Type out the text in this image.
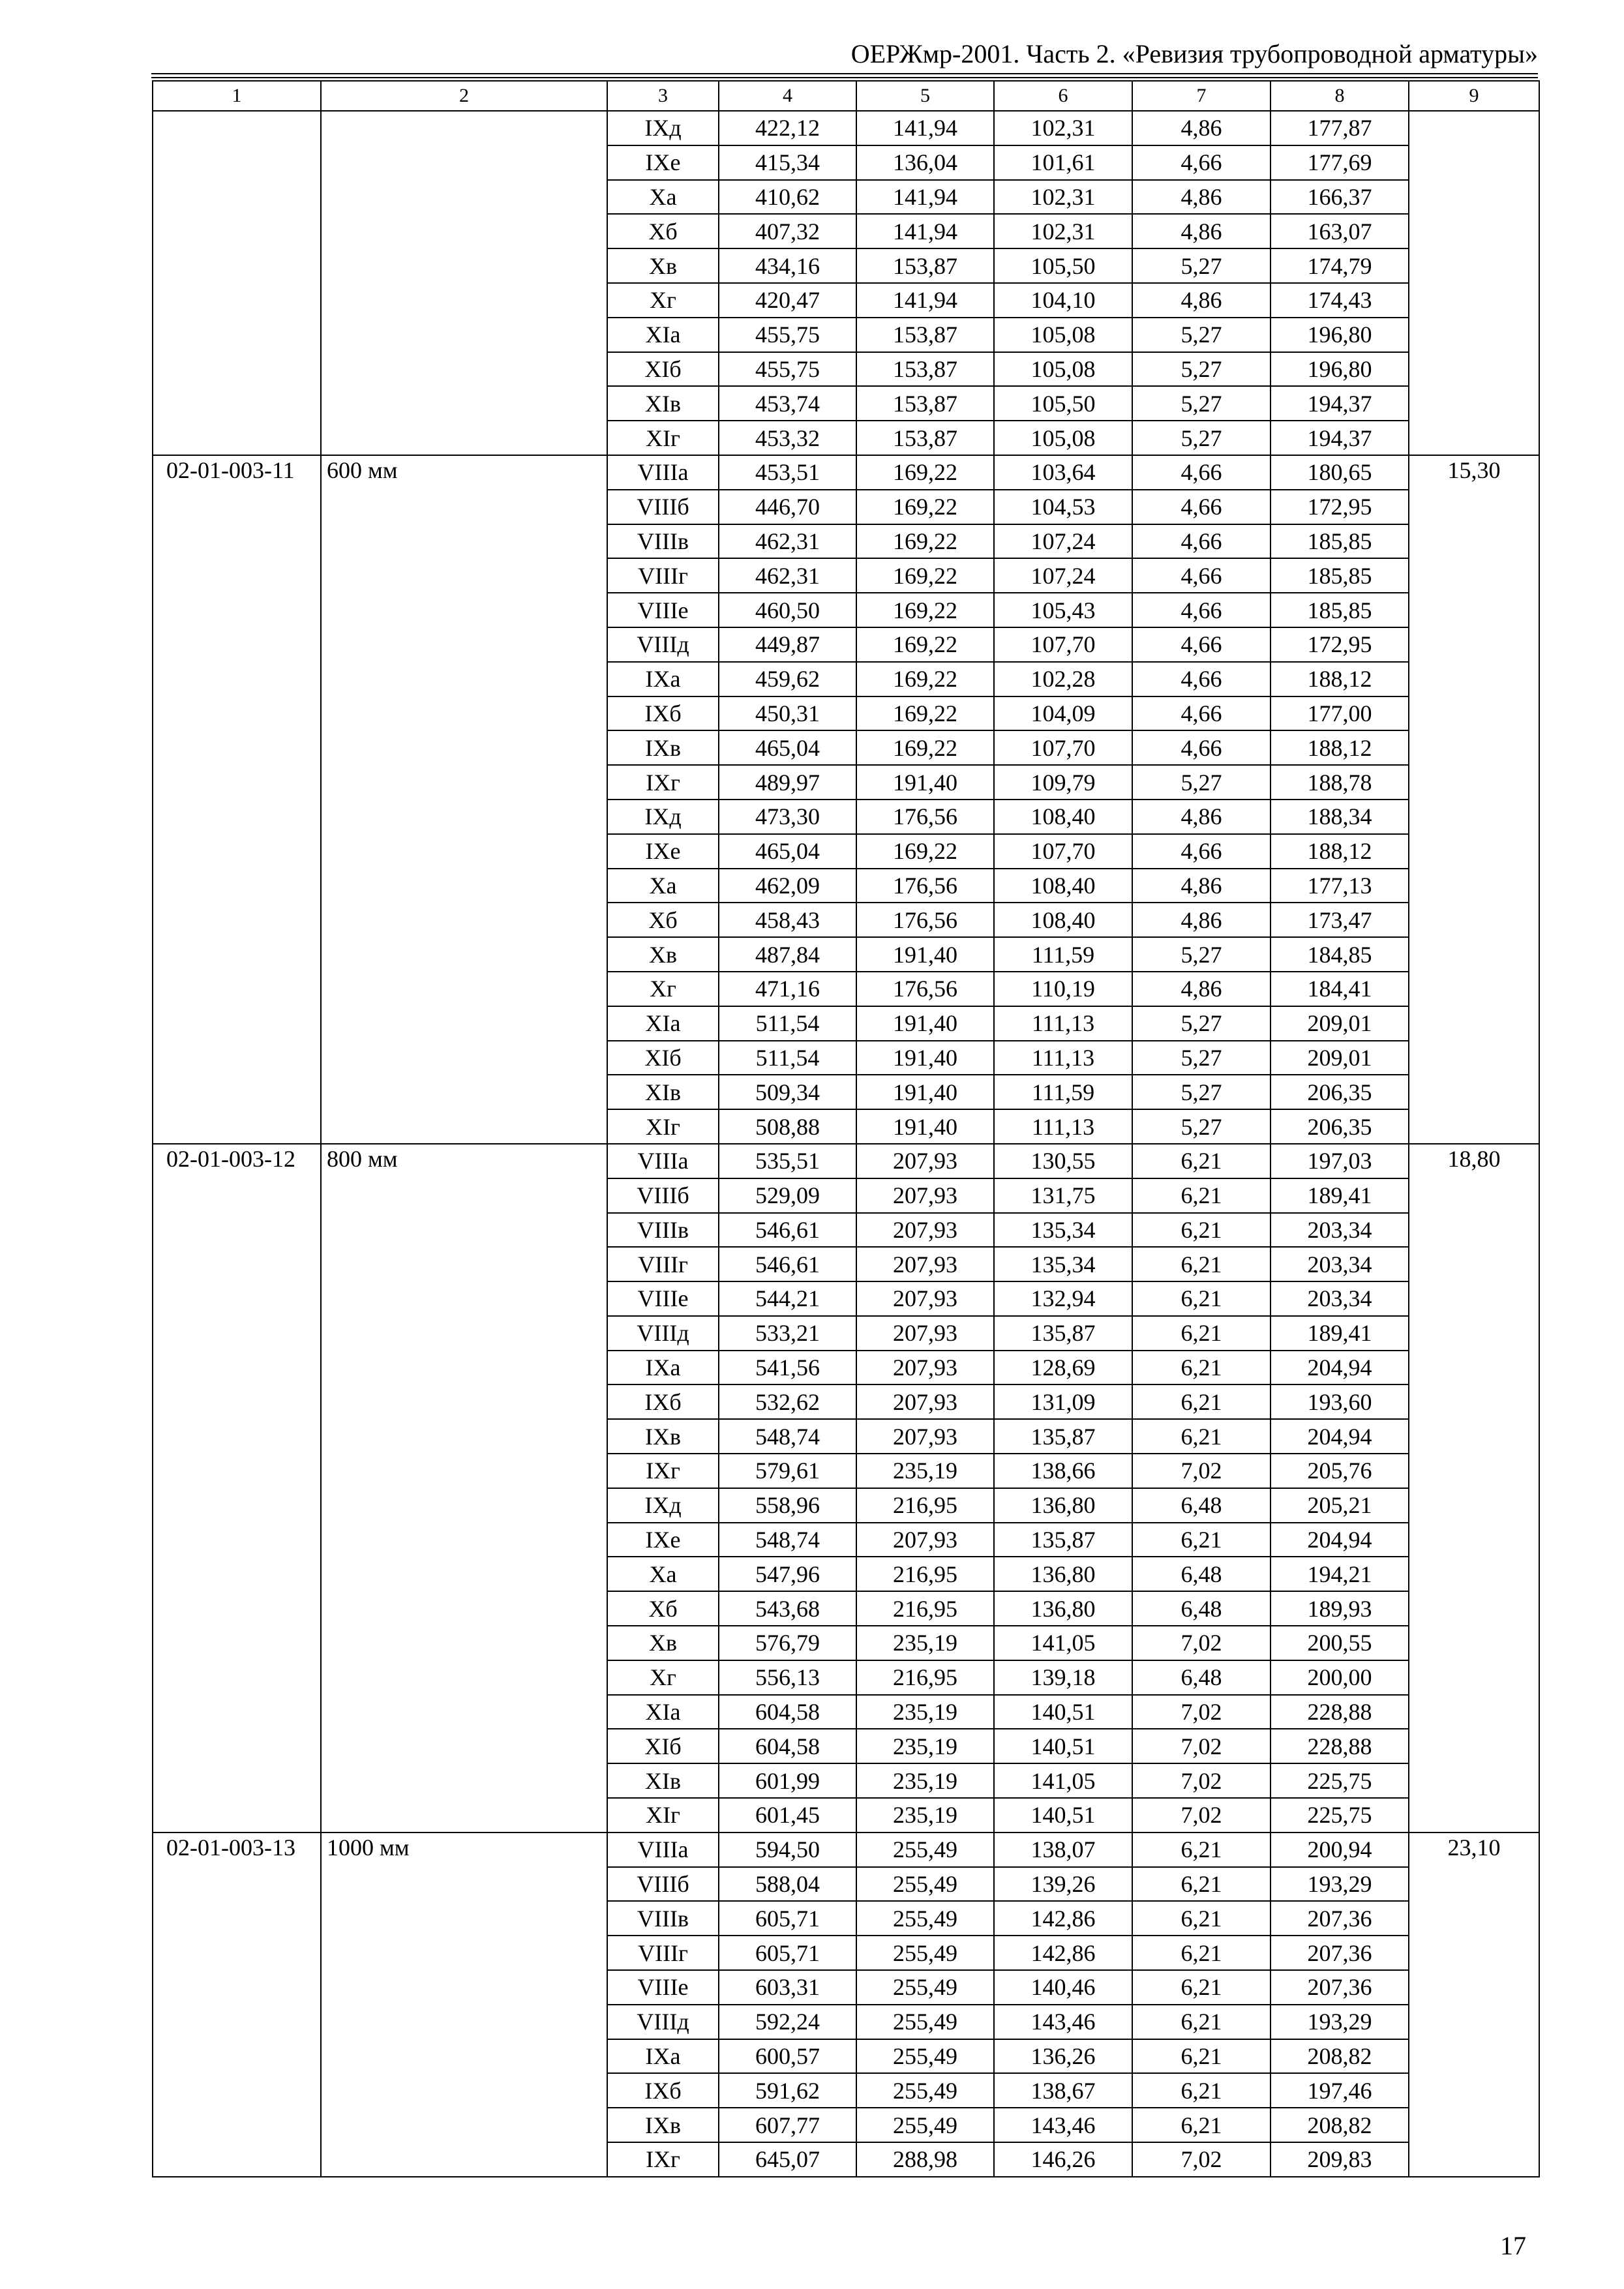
ОЕРЖмр-2001. Часть 2. «Ревизия трубопроводной арматуры»
1	2	3	4	5	6	7	8	9
		IXд	422,12	141,94	102,31	4,86	177,87	
		IXе	415,34	136,04	101,61	4,66	177,69	
		Xа	410,62	141,94	102,31	4,86	166,37	
		Xб	407,32	141,94	102,31	4,86	163,07	
		Xв	434,16	153,87	105,50	5,27	174,79	
		Xг	420,47	141,94	104,10	4,86	174,43	
		XIа	455,75	153,87	105,08	5,27	196,80	
		XIб	455,75	153,87	105,08	5,27	196,80	
		XIв	453,74	153,87	105,50	5,27	194,37	
		XIг	453,32	153,87	105,08	5,27	194,37	
02-01-003-11	600 мм	VIIIа	453,51	169,22	103,64	4,66	180,65	15,30
		VIIIб	446,70	169,22	104,53	4,66	172,95	
		VIIIв	462,31	169,22	107,24	4,66	185,85	
		VIIIг	462,31	169,22	107,24	4,66	185,85	
		VIIIе	460,50	169,22	105,43	4,66	185,85	
		VIIIд	449,87	169,22	107,70	4,66	172,95	
		IXа	459,62	169,22	102,28	4,66	188,12	
		IXб	450,31	169,22	104,09	4,66	177,00	
		IXв	465,04	169,22	107,70	4,66	188,12	
		IXг	489,97	191,40	109,79	5,27	188,78	
		IXд	473,30	176,56	108,40	4,86	188,34	
		IXе	465,04	169,22	107,70	4,66	188,12	
		Xа	462,09	176,56	108,40	4,86	177,13	
		Xб	458,43	176,56	108,40	4,86	173,47	
		Xв	487,84	191,40	111,59	5,27	184,85	
		Xг	471,16	176,56	110,19	4,86	184,41	
		XIа	511,54	191,40	111,13	5,27	209,01	
		XIб	511,54	191,40	111,13	5,27	209,01	
		XIв	509,34	191,40	111,59	5,27	206,35	
		XIг	508,88	191,40	111,13	5,27	206,35	
02-01-003-12	800 мм	VIIIа	535,51	207,93	130,55	6,21	197,03	18,80
		VIIIб	529,09	207,93	131,75	6,21	189,41	
		VIIIв	546,61	207,93	135,34	6,21	203,34	
		VIIIг	546,61	207,93	135,34	6,21	203,34	
		VIIIе	544,21	207,93	132,94	6,21	203,34	
		VIIIд	533,21	207,93	135,87	6,21	189,41	
		IXа	541,56	207,93	128,69	6,21	204,94	
		IXб	532,62	207,93	131,09	6,21	193,60	
		IXв	548,74	207,93	135,87	6,21	204,94	
		IXг	579,61	235,19	138,66	7,02	205,76	
		IXд	558,96	216,95	136,80	6,48	205,21	
		IXе	548,74	207,93	135,87	6,21	204,94	
		Xа	547,96	216,95	136,80	6,48	194,21	
		Xб	543,68	216,95	136,80	6,48	189,93	
		Xв	576,79	235,19	141,05	7,02	200,55	
		Xг	556,13	216,95	139,18	6,48	200,00	
		XIа	604,58	235,19	140,51	7,02	228,88	
		XIб	604,58	235,19	140,51	7,02	228,88	
		XIв	601,99	235,19	141,05	7,02	225,75	
		XIг	601,45	235,19	140,51	7,02	225,75	
02-01-003-13	1000 мм	VIIIа	594,50	255,49	138,07	6,21	200,94	23,10
		VIIIб	588,04	255,49	139,26	6,21	193,29	
		VIIIв	605,71	255,49	142,86	6,21	207,36	
		VIIIг	605,71	255,49	142,86	6,21	207,36	
		VIIIе	603,31	255,49	140,46	6,21	207,36	
		VIIIд	592,24	255,49	143,46	6,21	193,29	
		IXа	600,57	255,49	136,26	6,21	208,82	
		IXб	591,62	255,49	138,67	6,21	197,46	
		IXв	607,77	255,49	143,46	6,21	208,82	
		IXг	645,07	288,98	146,26	7,02	209,83	
17
